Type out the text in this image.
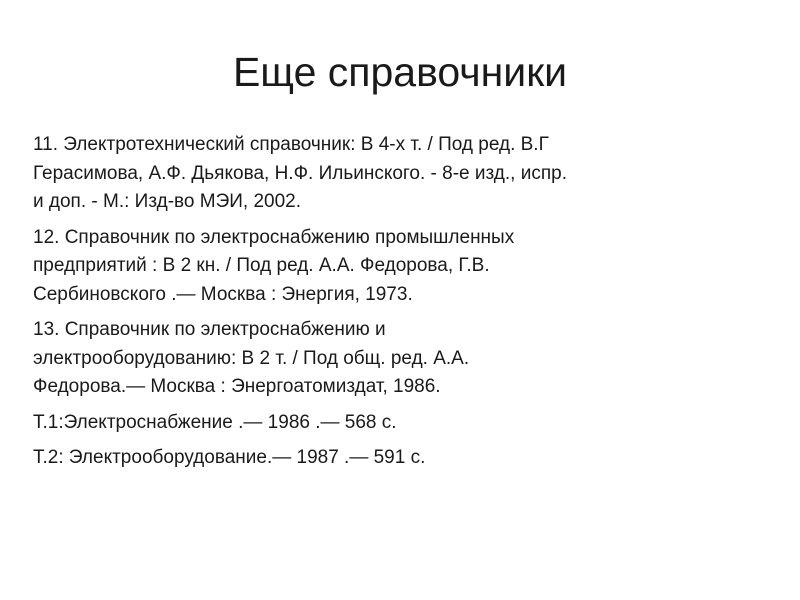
Еще справочники

11. Электротехнический справочник: В 4-х т. / Под ред. В.Г
Герасимова, А.Ф. Дьякова, Н.Ф. Ильинского. - 8-е изд., испр.
и доп. - М.: Изд-во МЭИ, 2002.

12. Справочник по электроснабжению промышленных
предприятий : В 2 кн. / Под ред. А.А. Федорова, Г.В.
Сербиновского .— Москва : Энергия, 1973.

13. Справочник по электроснабжению и
электрооборудованию: В 2 т. / Под общ. ред. А.А.
Федорова.— Москва : Энергоатомиздат, 1986.

Т.1:Электроснабжение .— 1986 .— 568 с.

Т.2: Электрооборудование.— 1987 .— 591 с.
